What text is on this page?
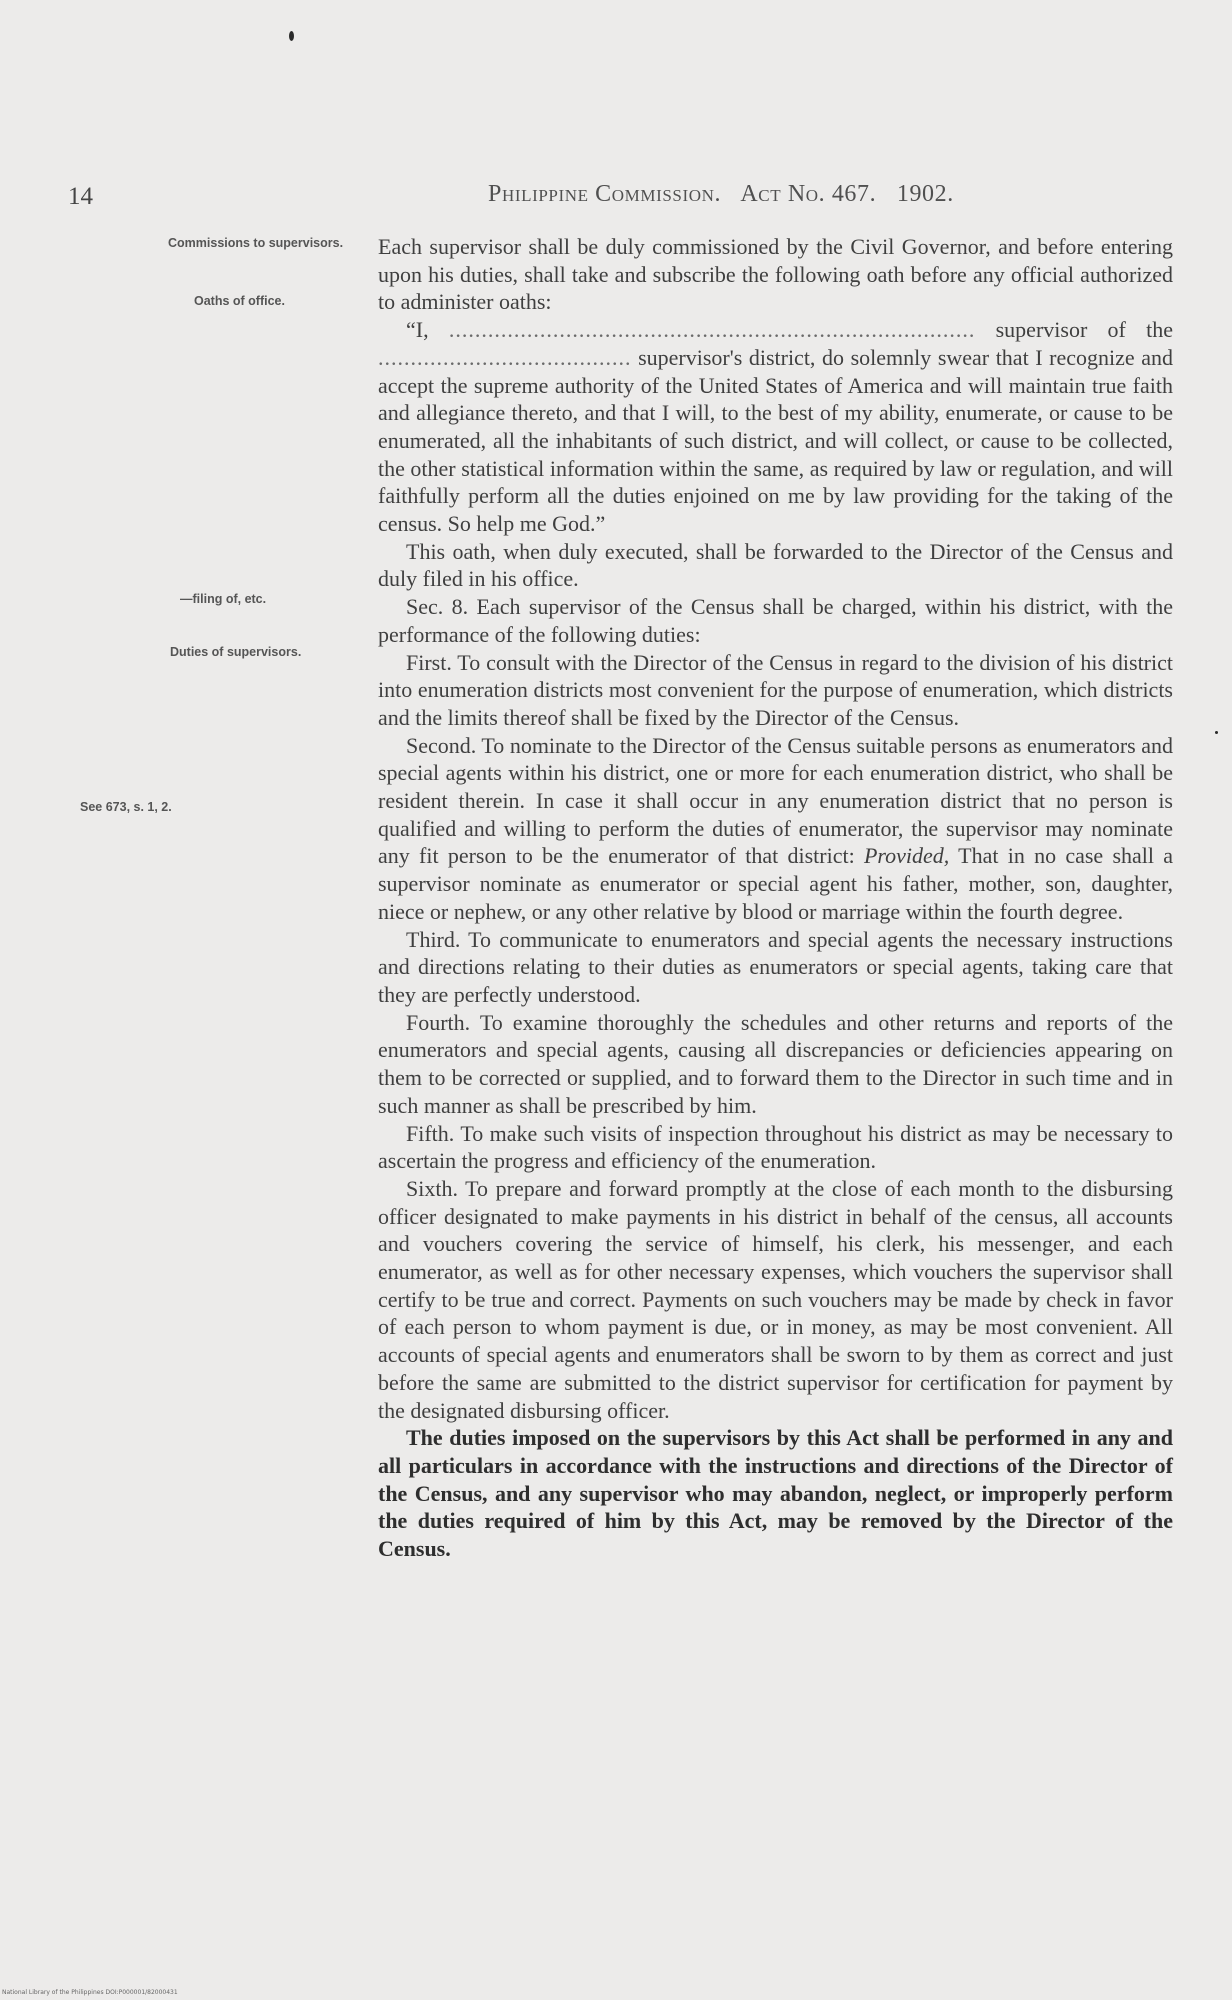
14	Philippine Commission. Act No. 467. 1902.
Commissions to supervisors.
Oaths of office.
—filing of, etc.
Duties of supervisors.
See 673, s. 1, 2.

Each supervisor shall be duly commissioned by the Civil Governor, and before entering upon his duties, shall take and subscribe the following oath before any official authorized to administer oaths:

“I, ................................................................................. supervisor of the ....................................... supervisor's district, do solemnly swear that I recognize and accept the supreme authority of the United States of America and will maintain true faith and allegiance thereto, and that I will, to the best of my ability, enumerate, or cause to be enumerated, all the inhabitants of such district, and will collect, or cause to be collected, the other statistical information within the same, as required by law or regulation, and will faithfully perform all the duties enjoined on me by law providing for the taking of the census. So help me God.”

This oath, when duly executed, shall be forwarded to the Director of the Census and duly filed in his office.

Sec. 8. Each supervisor of the Census shall be charged, within his district, with the performance of the following duties:

First. To consult with the Director of the Census in regard to the division of his district into enumeration districts most convenient for the purpose of enumeration, which districts and the limits thereof shall be fixed by the Director of the Census.

Second. To nominate to the Director of the Census suitable persons as enumerators and special agents within his district, one or more for each enumeration district, who shall be resident therein. In case it shall occur in any enumeration district that no person is qualified and willing to perform the duties of enumerator, the supervisor may nominate any fit person to be the enumerator of that district: Provided, That in no case shall a supervisor nominate as enumerator or special agent his father, mother, son, daughter, niece or nephew, or any other relative by blood or marriage within the fourth degree.

Third. To communicate to enumerators and special agents the necessary instructions and directions relating to their duties as enumerators or special agents, taking care that they are perfectly understood.

Fourth. To examine thoroughly the schedules and other returns and reports of the enumerators and special agents, causing all discrepancies or deficiencies appearing on them to be corrected or supplied, and to forward them to the Director in such time and in such manner as shall be prescribed by him.

Fifth. To make such visits of inspection throughout his district as may be necessary to ascertain the progress and efficiency of the enumeration.

Sixth. To prepare and forward promptly at the close of each month to the disbursing officer designated to make payments in his district in behalf of the census, all accounts and vouchers covering the service of himself, his clerk, his messenger, and each enumerator, as well as for other necessary expenses, which vouchers the supervisor shall certify to be true and correct. Payments on such vouchers may be made by check in favor of each person to whom payment is due, or in money, as may be most convenient. All accounts of special agents and enumerators shall be sworn to by them as correct and just before the same are submitted to the district supervisor for certification for payment by the designated disbursing officer.

The duties imposed on the supervisors by this Act shall be performed in any and all particulars in accordance with the instructions and directions of the Director of the Census, and any supervisor who may abandon, neglect, or improperly perform the duties required of him by this Act, may be removed by the Director of the Census.

National Library of the Philippines DOI:P000001/82000431
